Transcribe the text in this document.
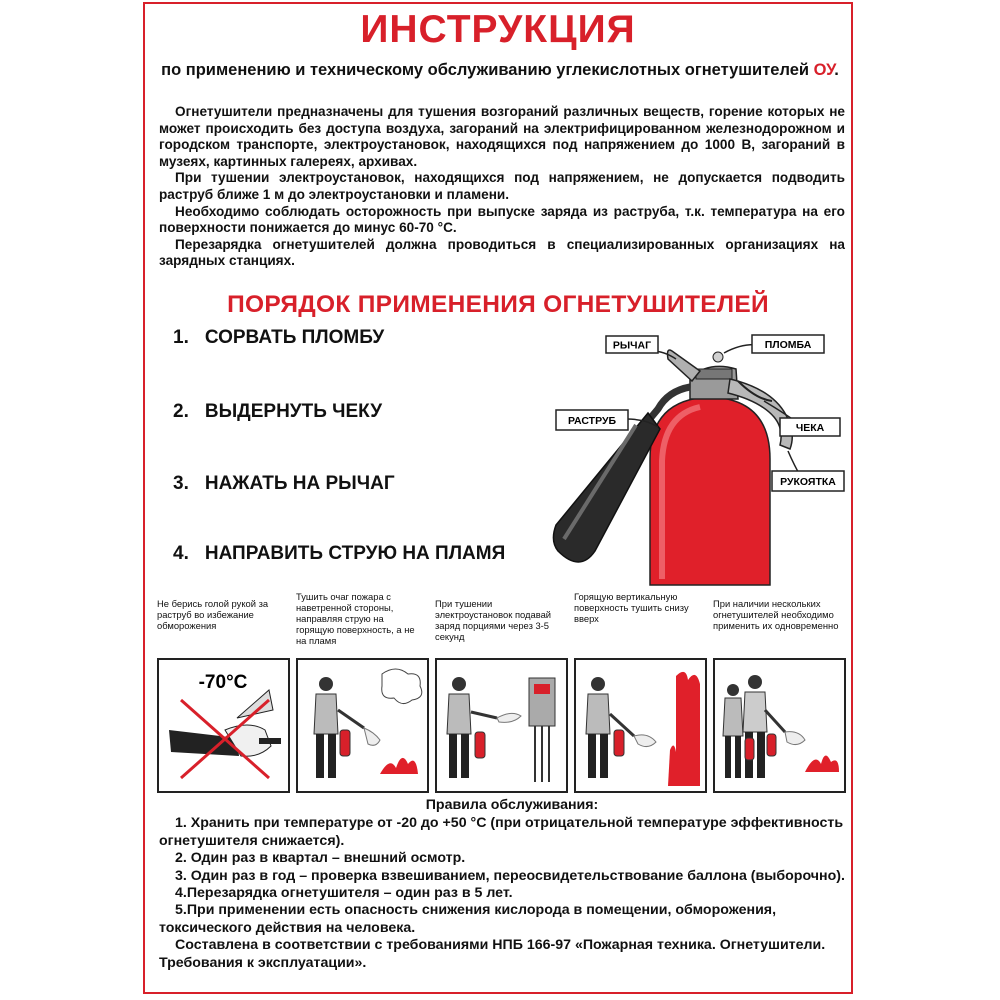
ИНСТРУКЦИЯ

по применению и техническому обслуживанию углекислотных огнетушителей ОУ.

Огнетушители предназначены для тушения возгораний различных веществ, горение которых не может происходить без доступа воздуха, загораний на электрифицированном железнодорожном и городском транспорте, электроустановок, находящихся под напряжением до 1000 В, загораний в музеях, картинных галереях, архивах.

При тушении электроустановок, находящихся под напряжением, не допускается подводить раструб ближе 1 м до электроустановки и пламени.

Необходимо соблюдать осторожность при выпуске заряда из раструба, т.к. температура на его поверхности понижается до минус 60-70 °С.

Перезарядка огнетушителей должна проводиться в специализированных организациях на зарядных станциях.

ПОРЯДОК ПРИМЕНЕНИЯ ОГНЕТУШИТЕЛЕЙ
1. СОРВАТЬ ПЛОМБУ
2. ВЫДЕРНУТЬ ЧЕКУ
3. НАЖАТЬ НА РЫЧАГ
4. НАПРАВИТЬ СТРУЮ НА ПЛАМЯ
РЫЧАГ	ПЛОМБА
РАСТРУБ
ЧЕКА
РУКОЯТКА
Не берись голой рукой за раструб во избежание обморожения
Тушить очаг пожара с наветренной стороны, направляя струю на горящую поверхность, а не на пламя
При тушении электроустановок подавай заряд порциями через 3-5 секунд
Горящую вертикальную поверхность тушить снизу вверх
При наличии нескольких огнетушителей необходимо применить их одновременно
-70°C

Правила обслуживания:

1. Хранить при температуре от -20 до +50 °С (при отрицательной температуре эффективность огнетушителя снижается).

2. Один раз в квартал – внешний осмотр.

3. Один раз в год – проверка взвешиванием, переосвидетельствование баллона (выборочно).

4.Перезарядка огнетушителя – один раз в 5 лет.

5.При применении есть опасность снижения кислорода в помещении, обморожения, токсического действия на человека.

Составлена в соответствии с требованиями НПБ 166-97 «Пожарная техника. Огнетушители. Требования к эксплуатации».
